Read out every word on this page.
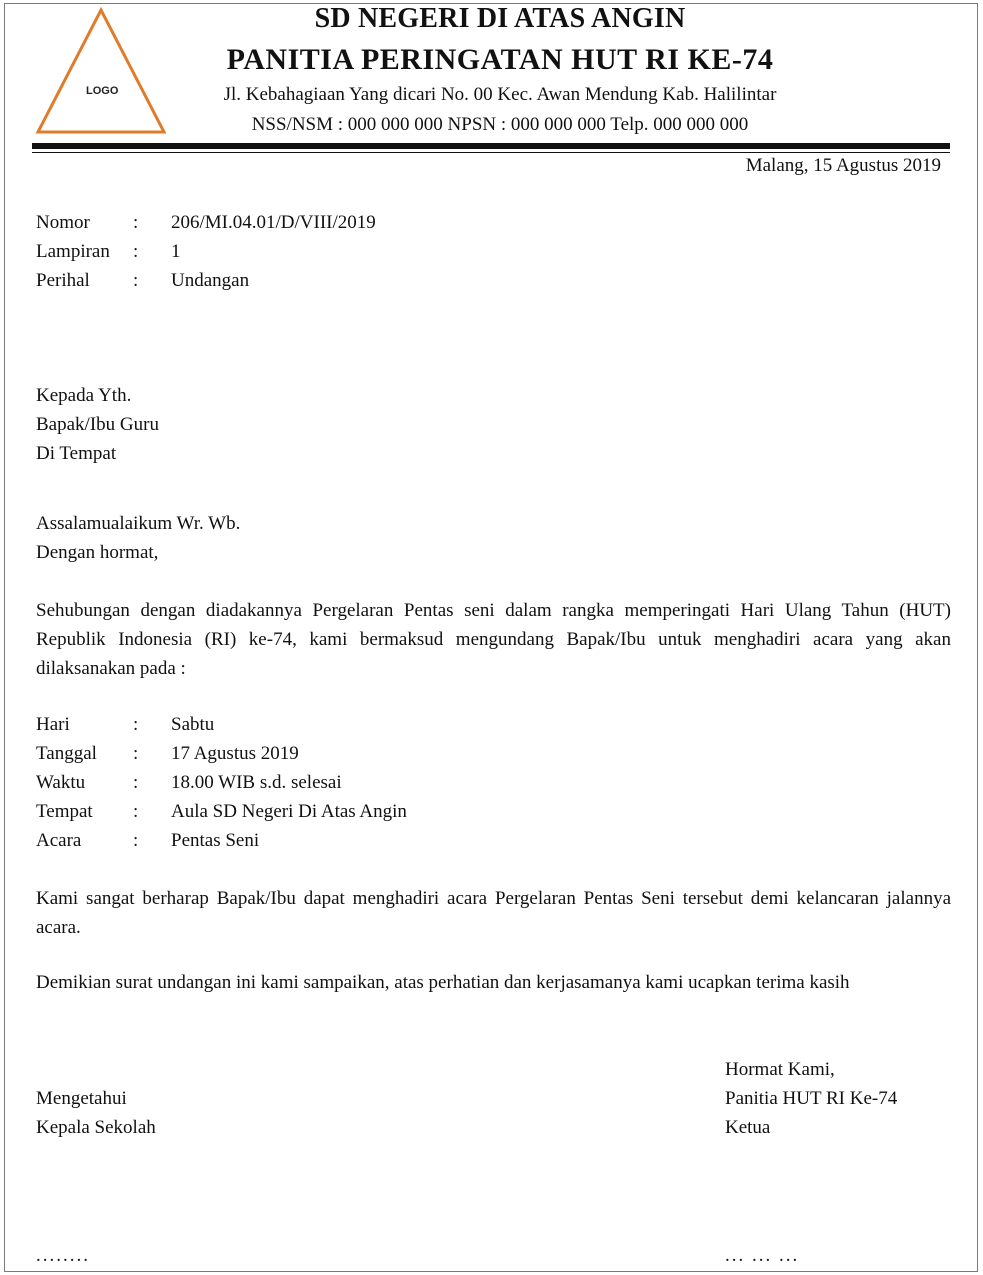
LOGO
SD NEGERI DI ATAS ANGIN
PANITIA PERINGATAN HUT RI KE-74
Jl. Kebahagiaan Yang dicari No. 00 Kec. Awan Mendung Kab. Halilintar
NSS/NSM : 000 000 000 NPSN : 000 000 000 Telp. 000 000 000
Malang, 15 Agustus 2019
Nomor : 206/MI.04.01/D/VIII/2019
Lampiran : 1
Perihal : Undangan
Kepada Yth.
Bapak/Ibu Guru
Di Tempat
Assalamualaikum Wr. Wb.
Dengan hormat,
Sehubungan dengan diadakannya Pergelaran Pentas seni dalam rangka memperingati Hari Ulang Tahun (HUT) Republik Indonesia (RI) ke-74, kami bermaksud mengundang Bapak/Ibu untuk menghadiri acara yang akan dilaksanakan pada :
Hari	: Sabtu
Tanggal : 17 Agustus 2019
Waktu	: 18.00 WIB s.d. selesai
Tempat : Aula SD Negeri Di Atas Angin
Acara	: Pentas Seni
Kami sangat berharap Bapak/Ibu dapat menghadiri acara Pergelaran Pentas Seni tersebut demi kelancaran jalannya acara.
Demikian surat undangan ini kami sampaikan, atas perhatian dan kerjasamanya kami ucapkan terima kasih
Mengetahui
Kepala Sekolah
........
Hormat Kami,
Panitia HUT RI Ke-74
Ketua
... ... ...
